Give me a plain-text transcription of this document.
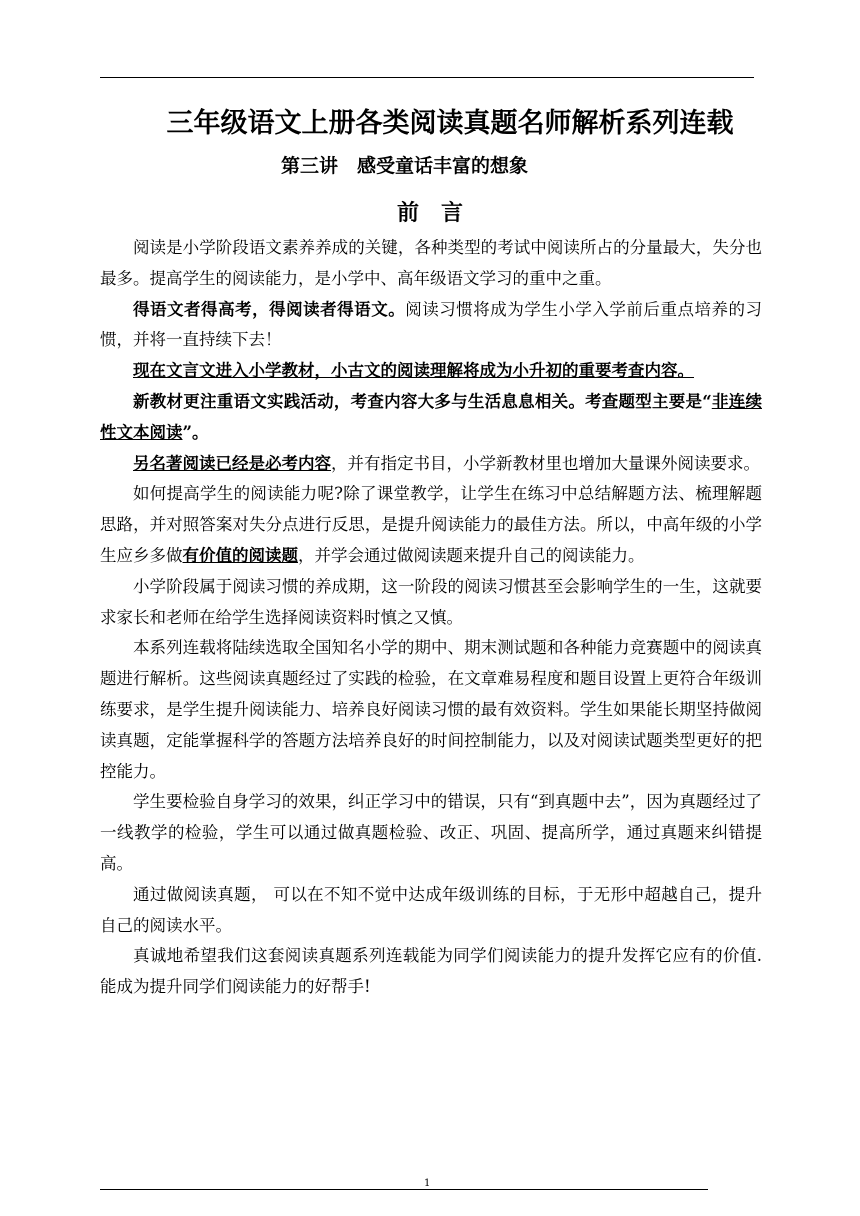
三年级语文上册各类阅读真题名师解析系列连载
第三讲　感受童话丰富的想象
前言

阅读是小学阶段语文素养养成的关键，各种类型的考试中阅读所占的分量最大，失分也最多。提高学生的阅读能力，是小学中、高年级语文学习的重中之重。

得语文者得高考，得阅读者得语文。阅读习惯将成为学生小学入学前后重点培养的习惯，并将一直持续下去！

现在文言文进入小学教材，小古文的阅读理解将成为小升初的重要考查内容。

新教材更注重语文实践活动，考查内容大多与生活息息相关。考查题型主要是“非连续性文本阅读”。

另名著阅读已经是必考内容，并有指定书目，小学新教材里也增加大量课外阅读要求。

如何提高学生的阅读能力呢?除了课堂教学，让学生在练习中总结解题方法、梳理解题思路，并对照答案对失分点进行反思，是提升阅读能力的最佳方法。所以，中高年级的小学生应乡多做有价值的阅读题，并学会通过做阅读题来提升自己的阅读能力。

小学阶段属于阅读习惯的养成期，这一阶段的阅读习惯甚至会影响学生的一生，这就要求家长和老师在给学生选择阅读资料时慎之又慎。

本系列连载将陆续选取全国知名小学的期中、期末测试题和各种能力竞赛题中的阅读真题进行解析。这些阅读真题经过了实践的检验，在文章难易程度和题目设置上更符合年级训练要求，是学生提升阅读能力、培养良好阅读习惯的最有效资料。学生如果能长期坚持做阅读真题，定能掌握科学的答题方法培养良好的时间控制能力，以及对阅读试题类型更好的把控能力。

学生要检验自身学习的效果，纠正学习中的错误，只有“到真题中去”，因为真题经过了一线教学的检验，学生可以通过做真题检验、改正、巩固、提高所学，通过真题来纠错提高。

通过做阅读真题， 可以在不知不觉中达成年级训练的目标，于无形中超越自己，提升自己的阅读水平。

真诚地希望我们这套阅读真题系列连载能为同学们阅读能力的提升发挥它应有的价值. 能成为提升同学们阅读能力的好帮手!

1
